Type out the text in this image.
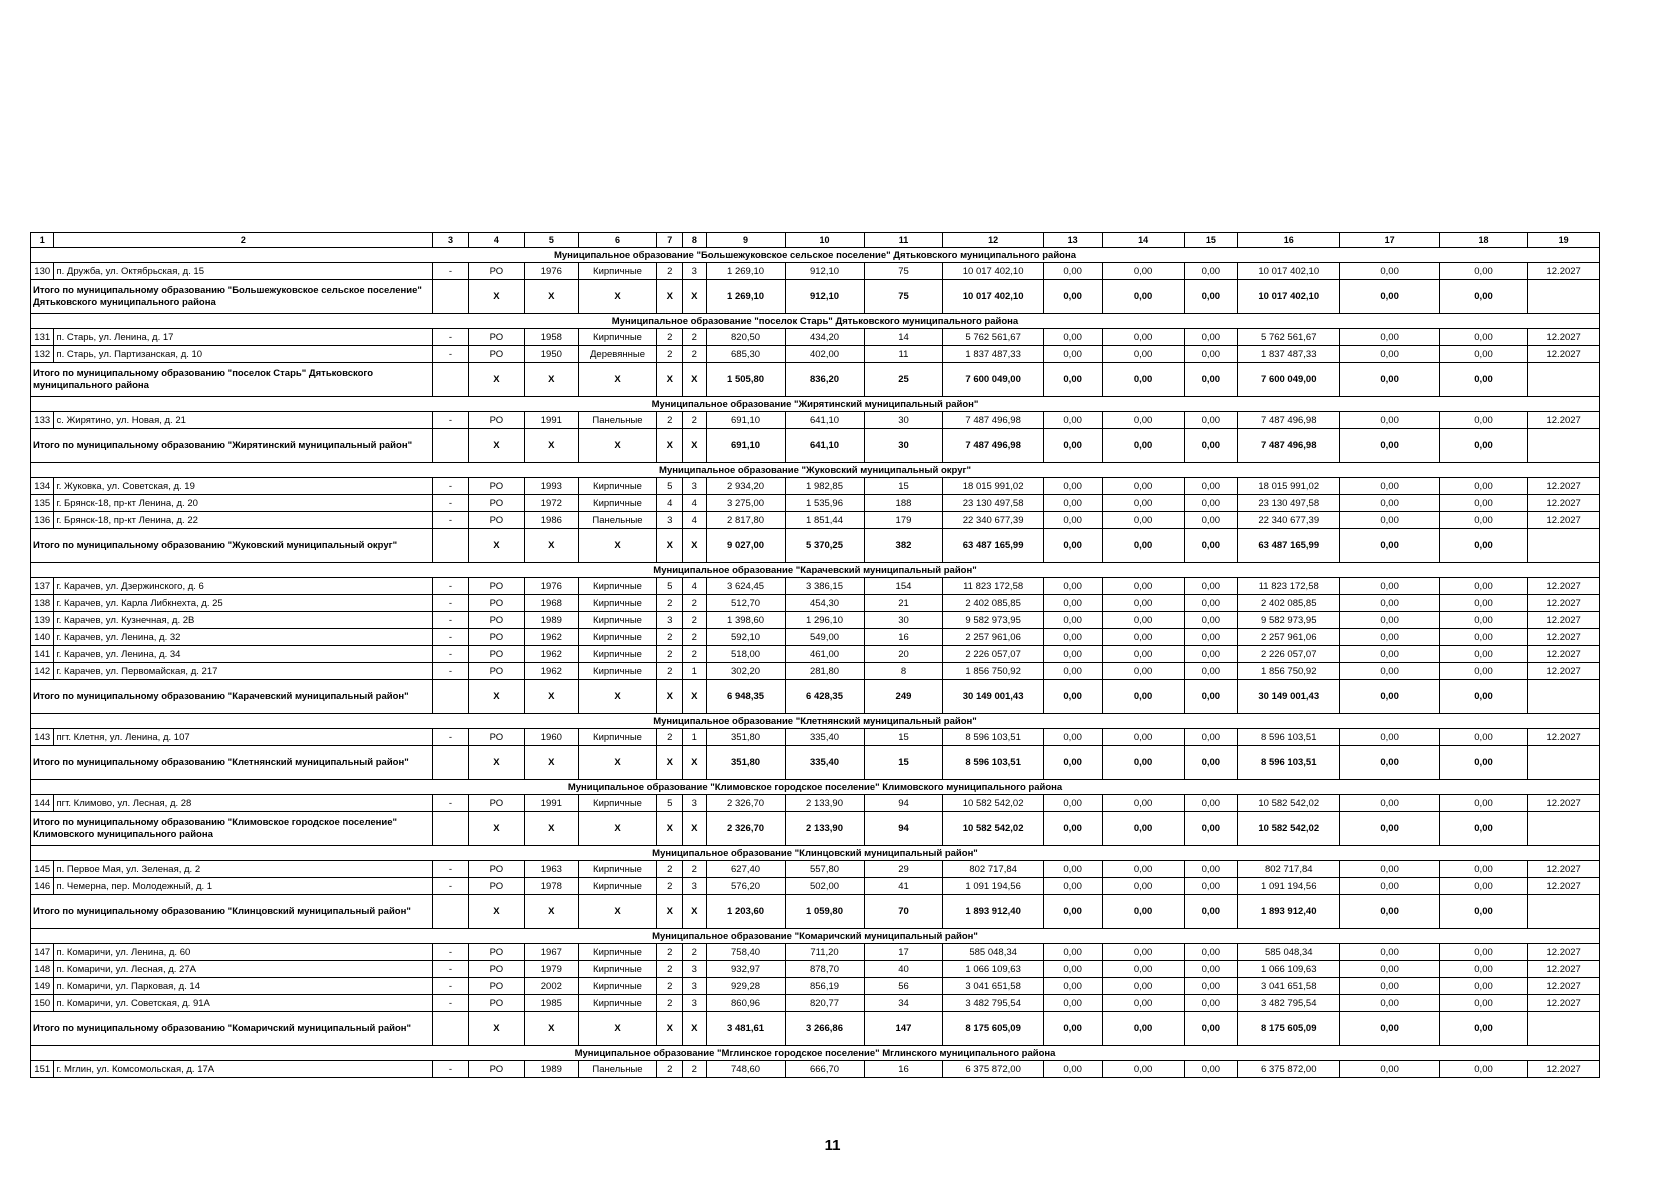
1	2	3	4	5	6	7	8	9	10	11	12	13	14	15	16	17	18	19
Муниципальное образование "Большежуковское сельское поселение" Дятьковского муниципального района																		
130	п. Дружба, ул. Октябрьская, д. 15	-	РО	1976	Кирпичные	2	3	1 269,10	912,10	75	10 017 402,10	0,00	0,00	0,00	10 017 402,10	0,00	0,00	12.2027
Итого по муниципальному образованию "Большежуковское сельское поселение" Дятьковского муниципального района			X	X	X	X	X	1 269,10	912,10	75	10 017 402,10	0,00	0,00	0,00	10 017 402,10	0,00	0,00	
Муниципальное образование "поселок Старь" Дятьковского муниципального района																		
131	п. Старь, ул. Ленина, д. 17	-	РО	1958	Кирпичные	2	2	820,50	434,20	14	5 762 561,67	0,00	0,00	0,00	5 762 561,67	0,00	0,00	12.2027
132	п. Старь, ул. Партизанская, д. 10	-	РО	1950	Деревянные	2	2	685,30	402,00	11	1 837 487,33	0,00	0,00	0,00	1 837 487,33	0,00	0,00	12.2027
Итого по муниципальному образованию "поселок Старь" Дятьковского муниципального района			X	X	X	X	X	1 505,80	836,20	25	7 600 049,00	0,00	0,00	0,00	7 600 049,00	0,00	0,00	
Муниципальное образование "Жирятинский муниципальный район"																		
133	с. Жирятино, ул. Новая, д. 21	-	РО	1991	Панельные	2	2	691,10	641,10	30	7 487 496,98	0,00	0,00	0,00	7 487 496,98	0,00	0,00	12.2027
Итого по муниципальному образованию "Жирятинский муниципальный район"			X	X	X	X	X	691,10	641,10	30	7 487 496,98	0,00	0,00	0,00	7 487 496,98	0,00	0,00	
Муниципальное образование "Жуковский муниципальный округ"																		
134	г. Жуковка, ул. Советская, д. 19	-	РО	1993	Кирпичные	5	3	2 934,20	1 982,85	15	18 015 991,02	0,00	0,00	0,00	18 015 991,02	0,00	0,00	12.2027
135	г. Брянск-18, пр-кт Ленина, д. 20	-	РО	1972	Кирпичные	4	4	3 275,00	1 535,96	188	23 130 497,58	0,00	0,00	0,00	23 130 497,58	0,00	0,00	12.2027
136	г. Брянск-18, пр-кт Ленина, д. 22	-	РО	1986	Панельные	3	4	2 817,80	1 851,44	179	22 340 677,39	0,00	0,00	0,00	22 340 677,39	0,00	0,00	12.2027
Итого по муниципальному образованию "Жуковский муниципальный округ"			X	X	X	X	X	9 027,00	5 370,25	382	63 487 165,99	0,00	0,00	0,00	63 487 165,99	0,00	0,00	
Муниципальное образование "Карачевский муниципальный район"																		
137	г. Карачев, ул. Дзержинского, д. 6	-	РО	1976	Кирпичные	5	4	3 624,45	3 386,15	154	11 823 172,58	0,00	0,00	0,00	11 823 172,58	0,00	0,00	12.2027
138	г. Карачев, ул. Карла Либкнехта, д. 25	-	РО	1968	Кирпичные	2	2	512,70	454,30	21	2 402 085,85	0,00	0,00	0,00	2 402 085,85	0,00	0,00	12.2027
139	г. Карачев, ул. Кузнечная, д. 2В	-	РО	1989	Кирпичные	3	2	1 398,60	1 296,10	30	9 582 973,95	0,00	0,00	0,00	9 582 973,95	0,00	0,00	12.2027
140	г. Карачев, ул. Ленина, д. 32	-	РО	1962	Кирпичные	2	2	592,10	549,00	16	2 257 961,06	0,00	0,00	0,00	2 257 961,06	0,00	0,00	12.2027
141	г. Карачев, ул. Ленина, д. 34	-	РО	1962	Кирпичные	2	2	518,00	461,00	20	2 226 057,07	0,00	0,00	0,00	2 226 057,07	0,00	0,00	12.2027
142	г. Карачев, ул. Первомайская, д. 217	-	РО	1962	Кирпичные	2	1	302,20	281,80	8	1 856 750,92	0,00	0,00	0,00	1 856 750,92	0,00	0,00	12.2027
Итого по муниципальному образованию "Карачевский муниципальный район"			X	X	X	X	X	6 948,35	6 428,35	249	30 149 001,43	0,00	0,00	0,00	30 149 001,43	0,00	0,00	
Муниципальное образование "Клетнянский муниципальный район"																		
143	пгт. Клетня, ул. Ленина, д. 107	-	РО	1960	Кирпичные	2	1	351,80	335,40	15	8 596 103,51	0,00	0,00	0,00	8 596 103,51	0,00	0,00	12.2027
Итого по муниципальному образованию "Клетнянский муниципальный район"			X	X	X	X	X	351,80	335,40	15	8 596 103,51	0,00	0,00	0,00	8 596 103,51	0,00	0,00	
Муниципальное образование "Климовское городское поселение" Климовского муниципального района																		
144	пгт. Климово, ул. Лесная, д. 28	-	РО	1991	Кирпичные	5	3	2 326,70	2 133,90	94	10 582 542,02	0,00	0,00	0,00	10 582 542,02	0,00	0,00	12.2027
Итого по муниципальному образованию "Климовское городское поселение" Климовского муниципального района			X	X	X	X	X	2 326,70	2 133,90	94	10 582 542,02	0,00	0,00	0,00	10 582 542,02	0,00	0,00	
Муниципальное образование "Клинцовский муниципальный район"																		
145	п. Первое Мая, ул. Зеленая, д. 2	-	РО	1963	Кирпичные	2	2	627,40	557,80	29	802 717,84	0,00	0,00	0,00	802 717,84	0,00	0,00	12.2027
146	п. Чемерна, пер. Молодежный, д. 1	-	РО	1978	Кирпичные	2	3	576,20	502,00	41	1 091 194,56	0,00	0,00	0,00	1 091 194,56	0,00	0,00	12.2027
Итого по муниципальному образованию "Клинцовский муниципальный район"			X	X	X	X	X	1 203,60	1 059,80	70	1 893 912,40	0,00	0,00	0,00	1 893 912,40	0,00	0,00	
Муниципальное образование "Комаричский муниципальный район"																		
147	п. Комаричи, ул. Ленина, д. 60	-	РО	1967	Кирпичные	2	2	758,40	711,20	17	585 048,34	0,00	0,00	0,00	585 048,34	0,00	0,00	12.2027
148	п. Комаричи, ул. Лесная, д. 27А	-	РО	1979	Кирпичные	2	3	932,97	878,70	40	1 066 109,63	0,00	0,00	0,00	1 066 109,63	0,00	0,00	12.2027
149	п. Комаричи, ул. Парковая, д. 14	-	РО	2002	Кирпичные	2	3	929,28	856,19	56	3 041 651,58	0,00	0,00	0,00	3 041 651,58	0,00	0,00	12.2027
150	п. Комаричи, ул. Советская, д. 91А	-	РО	1985	Кирпичные	2	3	860,96	820,77	34	3 482 795,54	0,00	0,00	0,00	3 482 795,54	0,00	0,00	12.2027
Итого по муниципальному образованию "Комаричский муниципальный район"			X	X	X	X	X	3 481,61	3 266,86	147	8 175 605,09	0,00	0,00	0,00	8 175 605,09	0,00	0,00	
Муниципальное образование "Мглинское городское поселение" Мглинского муниципального района																		
151	г. Мглин, ул. Комсомольская, д. 17А	-	РО	1989	Панельные	2	2	748,60	666,70	16	6 375 872,00	0,00	0,00	0,00	6 375 872,00	0,00	0,00	12.2027
11
